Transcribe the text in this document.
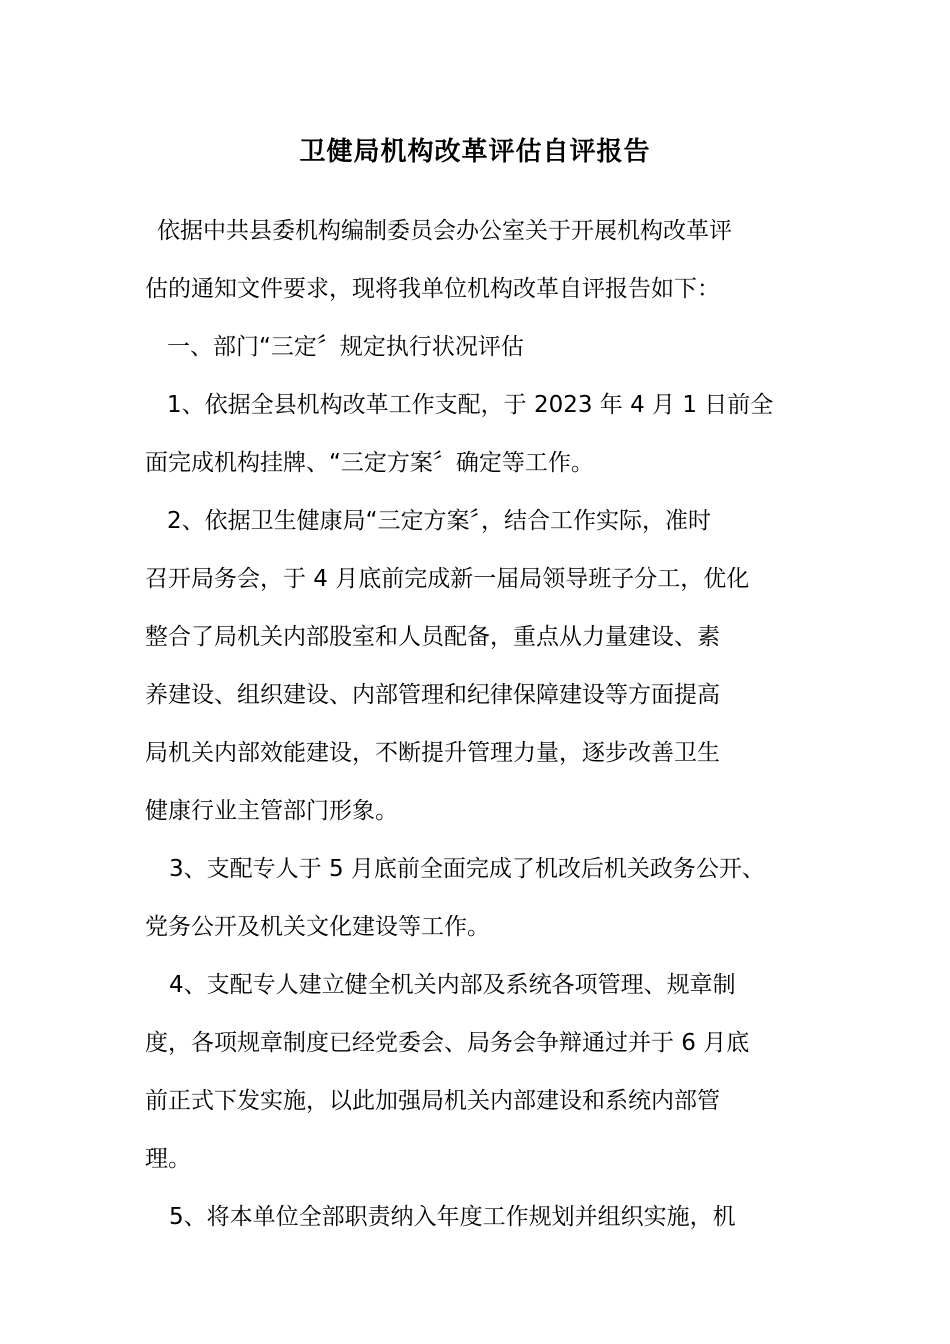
卫健局机构改革评估自评报告

依据中共县委机构编制委员会办公室关于开展机构改革评
估的通知文件要求，现将我单位机构改革自评报告如下：

一、部门“三定〞规定执行状况评估

1、依据全县机构改革工作支配，于 2023 年 4 月 1 日前全
面完成机构挂牌、“三定方案〞确定等工作。

2、依据卫生健康局“三定方案〞，结合工作实际，准时
召开局务会，于 4 月底前完成新一届局领导班子分工，优化
整合了局机关内部股室和人员配备，重点从力量建设、素
养建设、组织建设、内部管理和纪律保障建设等方面提高
局机关内部效能建设，不断提升管理力量，逐步改善卫生
健康行业主管部门形象。

3、支配专人于 5 月底前全面完成了机改后机关政务公开、
党务公开及机关文化建设等工作。

4、支配专人建立健全机关内部及系统各项管理、规章制
度，各项规章制度已经党委会、局务会争辩通过并于 6 月底
前正式下发实施，以此加强局机关内部建设和系统内部管
理。

5、将本单位全部职责纳入年度工作规划并组织实施，机
